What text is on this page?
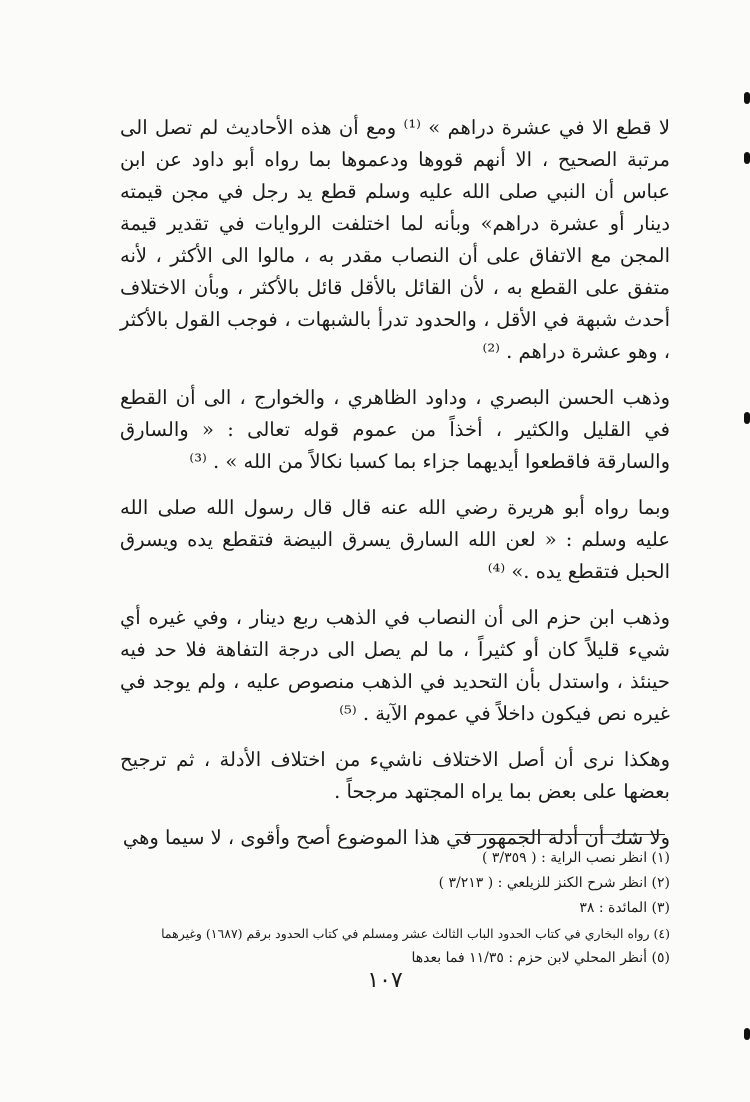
لا قطع الا في عشرة دراهم » ⁽¹⁾ ومع أن هذه الأحاديث لم تصل الى مرتبة الصحيح ، الا أنهم قووها ودعموها بما رواه أبو داود عن ابن عباس أن النبي صلى الله عليه وسلم قطع يد رجل في مجن قيمته دينار أو عشرة دراهم» وبأنه لما اختلفت الروايات في تقدير قيمة المجن مع الاتفاق على أن النصاب مقدر به ، مالوا الى الأكثر ، لأنه متفق على القطع به ، لأن القائل بالأقل قائل بالأكثر ، وبأن الاختلاف أحدث شبهة في الأقل ، والحدود تدرأ بالشبهات ، فوجب القول بالأكثر ، وهو عشرة دراهم . ⁽²⁾

وذهب الحسن البصري ، وداود الظاهري ، والخوارج ، الى أن القطع في القليل والكثير ، أخذاً من عموم قوله تعالى : « والسارق والسارقة فاقطعوا أيديهما جزاء بما كسبا نكالاً من الله » . ⁽³⁾

وبما رواه أبو هريرة رضي الله عنه قال قال رسول الله صلى الله عليه وسلم : « لعن الله السارق يسرق البيضة فتقطع يده ويسرق الحبل فتقطع يده .» ⁽⁴⁾

وذهب ابن حزم الى أن النصاب في الذهب ربع دينار ، وفي غيره أي شيء قليلاً كان أو كثيراً ، ما لم يصل الى درجة التفاهة فلا حد فيه حينئذ ، واستدل بأن التحديد في الذهب منصوص عليه ، ولم يوجد في غيره نص فيكون داخلاً في عموم الآية . ⁽⁵⁾

وهكذا نرى أن أصل الاختلاف ناشيء من اختلاف الأدلة ، ثم ترجيح بعضها على بعض بما يراه المجتهد مرجحاً .

ولا شك أن أدلة الجمهور في هذا الموضوع أصح وأقوى ، لا سيما وهي

(١) انظر نصب الراية : ( ٣/٣٥٩ )

(٢) انظر شرح الكنز للزيلعي : ( ٣/٢١٣ )

(٣) المائدة : ٣٨

(٤) رواه البخاري في كتاب الحدود الباب الثالث عشر ومسلم في كتاب الحدود برقم (١٦٨٧) وغيرهما

(٥) أنظر المحلي لابن حزم : ١١/٣٥ فما بعدها

١٠٧
